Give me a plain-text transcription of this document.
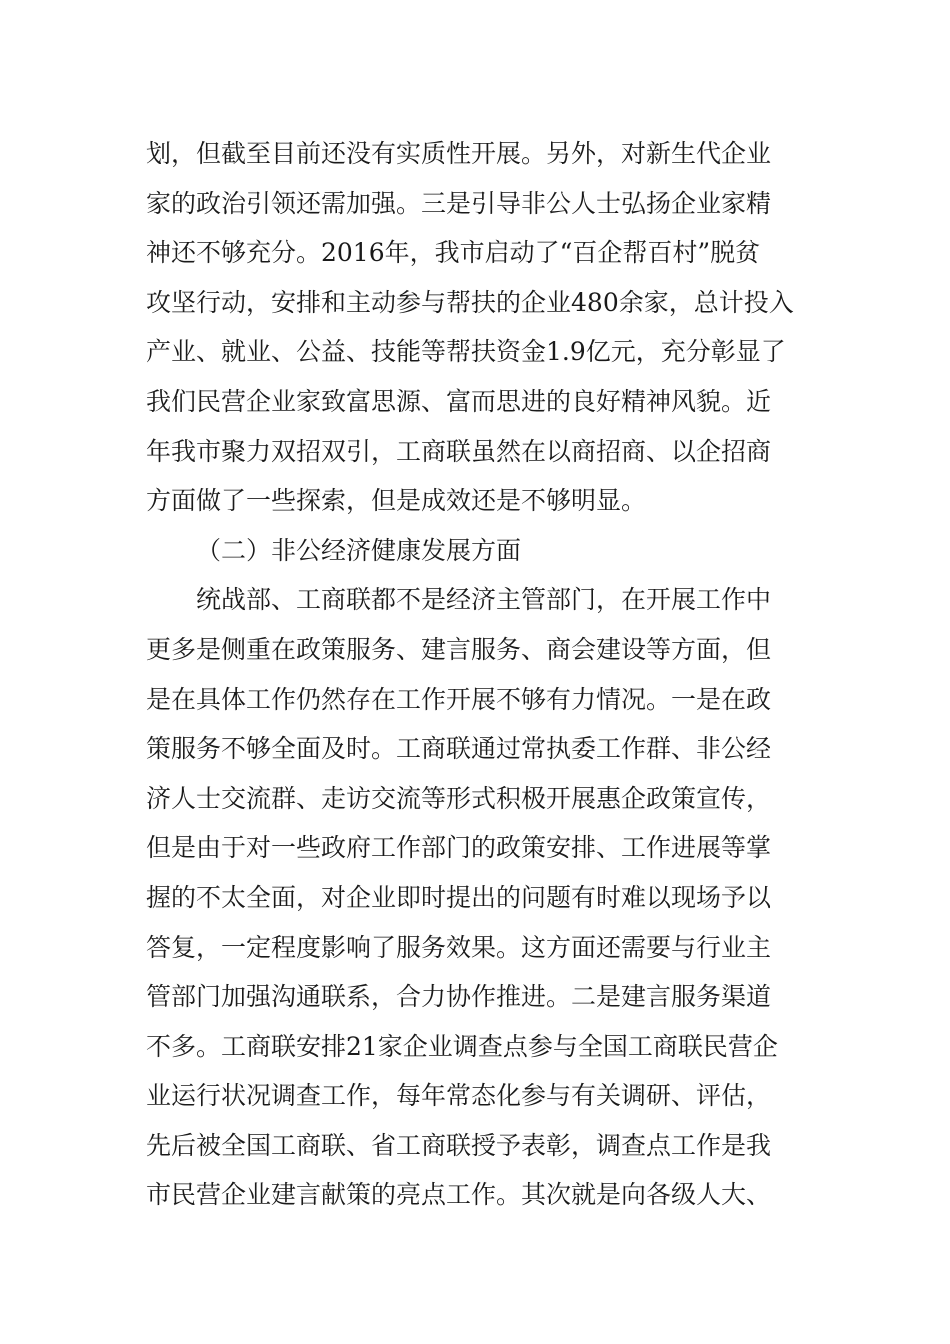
划，但截至目前还没有实质性开展。另外，对新生代企业
家的政治引领还需加强。三是引导非公人士弘扬企业家精
神还不够充分。2016年，我市启动了“百企帮百村”脱贫
攻坚行动，安排和主动参与帮扶的企业480余家，总计投入
产业、就业、公益、技能等帮扶资金1.9亿元，充分彰显了
我们民营企业家致富思源、富而思进的良好精神风貌。近
年我市聚力双招双引，工商联虽然在以商招商、以企招商
方面做了一些探索，但是成效还是不够明显。
（二）非公经济健康发展方面
统战部、工商联都不是经济主管部门，在开展工作中
更多是侧重在政策服务、建言服务、商会建设等方面，但
是在具体工作仍然存在工作开展不够有力情况。一是在政
策服务不够全面及时。工商联通过常执委工作群、非公经
济人士交流群、走访交流等形式积极开展惠企政策宣传，
但是由于对一些政府工作部门的政策安排、工作进展等掌
握的不太全面，对企业即时提出的问题有时难以现场予以
答复，一定程度影响了服务效果。这方面还需要与行业主
管部门加强沟通联系，合力协作推进。二是建言服务渠道
不多。工商联安排21家企业调查点参与全国工商联民营企
业运行状况调查工作，每年常态化参与有关调研、评估，
先后被全国工商联、省工商联授予表彰，调查点工作是我
市民营企业建言献策的亮点工作。其次就是向各级人大、
